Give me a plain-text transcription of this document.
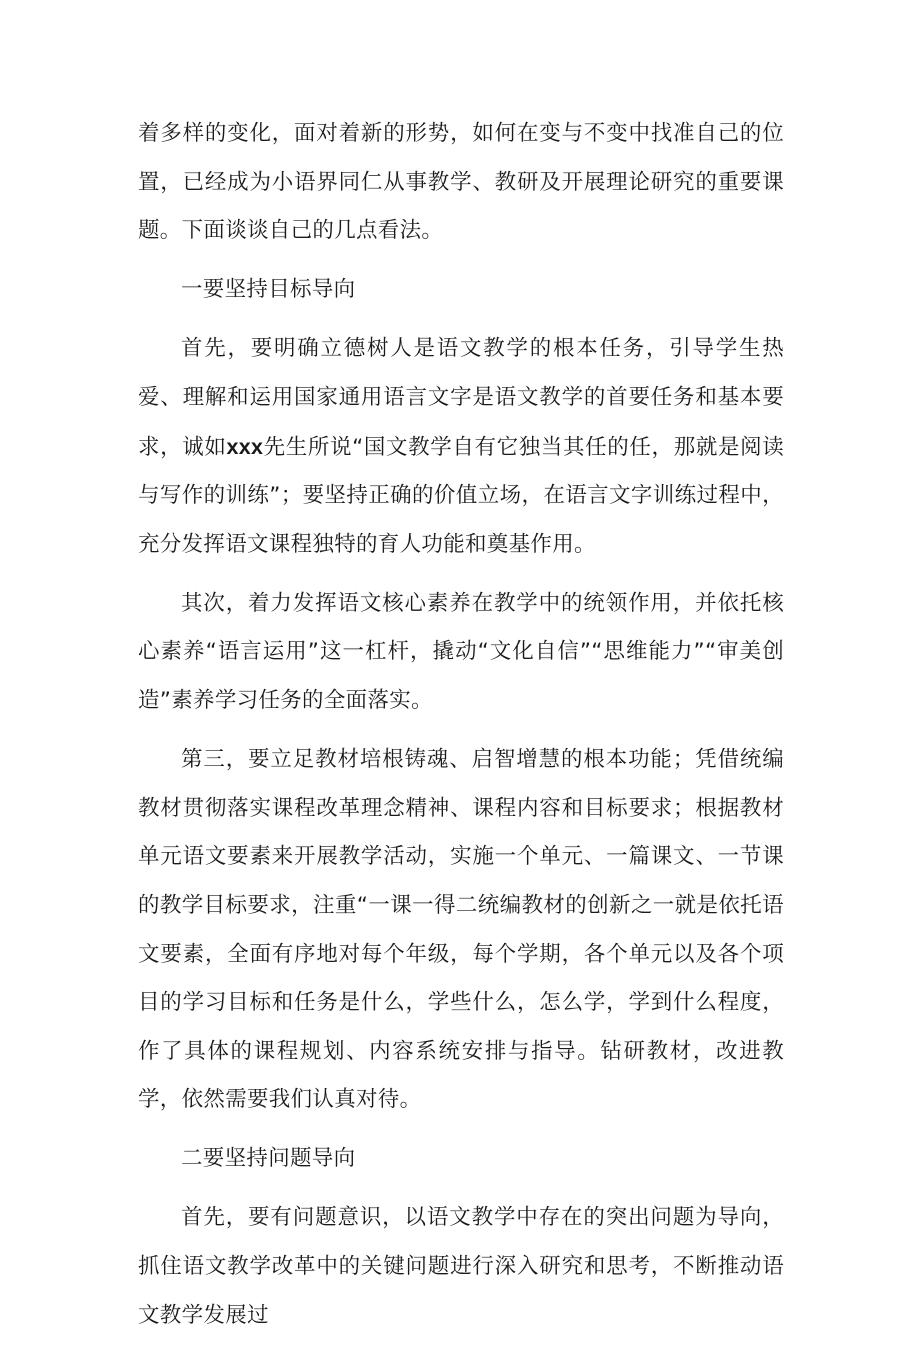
着多样的变化，面对着新的形势，如何在变与不变中找准自己的位置，已经成为小语界同仁从事教学、教研及开展理论研究的重要课题。下面谈谈自己的几点看法。

一要坚持目标导向

首先，要明确立德树人是语文教学的根本任务，引导学生热爱、理解和运用国家通用语言文字是语文教学的首要任务和基本要求，诚如xxx先生所说“国文教学自有它独当其任的任，那就是阅读与写作的训练”；要坚持正确的价值立场，在语言文字训练过程中，充分发挥语文课程独特的育人功能和奠基作用。

其次，着力发挥语文核心素养在教学中的统领作用，并依托核心素养“语言运用”这一杠杆，撬动“文化自信”“思维能力”“审美创造”素养学习任务的全面落实。

第三，要立足教材培根铸魂、启智增慧的根本功能；凭借统编教材贯彻落实课程改革理念精神、课程内容和目标要求；根据教材单元语文要素来开展教学活动，实施一个单元、一篇课文、一节课的教学目标要求，注重“一课一得二统编教材的创新之一就是依托语文要素，全面有序地对每个年级，每个学期，各个单元以及各个项目的学习目标和任务是什么，学些什么，怎么学，学到什么程度，作了具体的课程规划、内容系统安排与指导。钻研教材，改进教学，依然需要我们认真对待。

二要坚持问题导向

首先，要有问题意识，以语文教学中存在的突出问题为导向，抓住语文教学改革中的关键问题进行深入研究和思考，不断推动语文教学发展过
